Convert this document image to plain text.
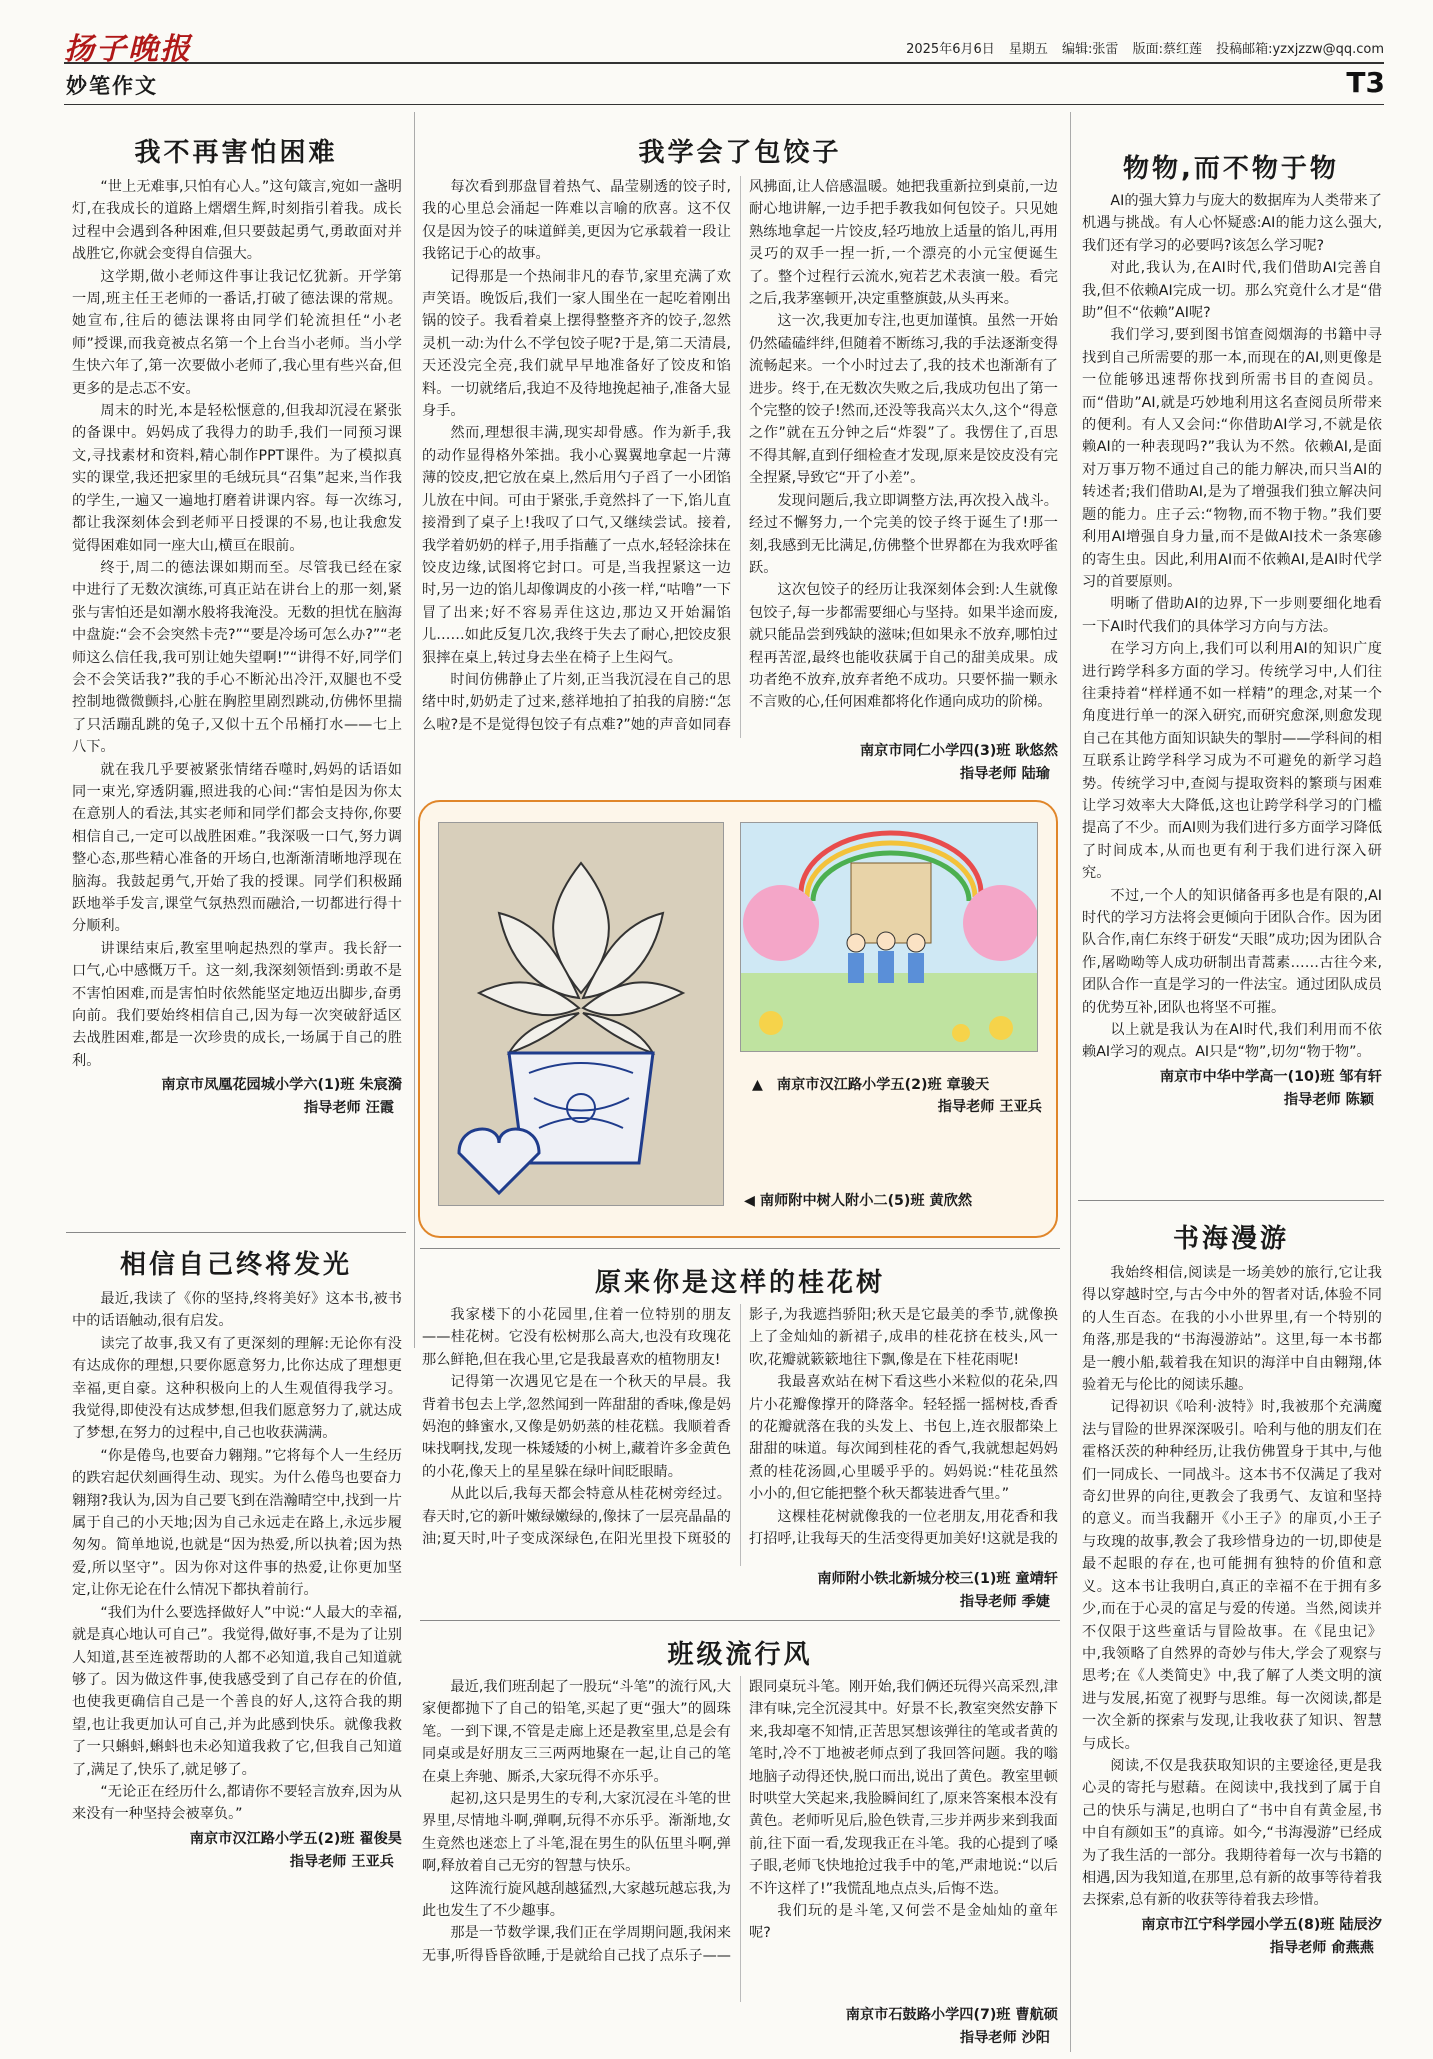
扬子晚报	2025年6月6日 星期五 编辑:张雷 版面:蔡红莲 投稿邮箱:yzxjzzw@qq.com
妙笔作文	T3
我不再害怕困难

“世上无难事,只怕有心人。”这句箴言,宛如一盏明灯,在我成长的道路上熠熠生辉,时刻指引着我。成长过程中会遇到各种困难,但只要鼓起勇气,勇敢面对并战胜它,你就会变得自信强大。

这学期,做小老师这件事让我记忆犹新。开学第一周,班主任王老师的一番话,打破了德法课的常规。她宣布,往后的德法课将由同学们轮流担任“小老师”授课,而我竟被点名第一个上台当小老师。当小学生快六年了,第一次要做小老师了,我心里有些兴奋,但更多的是忐忑不安。

周末的时光,本是轻松惬意的,但我却沉浸在紧张的备课中。妈妈成了我得力的助手,我们一同预习课文,寻找素材和资料,精心制作PPT课件。为了模拟真实的课堂,我还把家里的毛绒玩具“召集”起来,当作我的学生,一遍又一遍地打磨着讲课内容。每一次练习,都让我深刻体会到老师平日授课的不易,也让我愈发觉得困难如同一座大山,横亘在眼前。

终于,周二的德法课如期而至。尽管我已经在家中进行了无数次演练,可真正站在讲台上的那一刻,紧张与害怕还是如潮水般将我淹没。无数的担忧在脑海中盘旋:“会不会突然卡壳?”“要是冷场可怎么办?”“老师这么信任我,我可别让她失望啊!”“讲得不好,同学们会不会笑话我?”我的手心不断沁出冷汗,双腿也不受控制地微微颤抖,心脏在胸腔里剧烈跳动,仿佛怀里揣了只活蹦乱跳的兔子,又似十五个吊桶打水——七上八下。

就在我几乎要被紧张情绪吞噬时,妈妈的话语如同一束光,穿透阴霾,照进我的心间:“害怕是因为你太在意别人的看法,其实老师和同学们都会支持你,你要相信自己,一定可以战胜困难。”我深吸一口气,努力调整心态,那些精心准备的开场白,也渐渐清晰地浮现在脑海。我鼓起勇气,开始了我的授课。同学们积极踊跃地举手发言,课堂气氛热烈而融洽,一切都进行得十分顺利。

讲课结束后,教室里响起热烈的掌声。我长舒一口气,心中感慨万千。这一刻,我深刻领悟到:勇敢不是不害怕困难,而是害怕时依然能坚定地迈出脚步,奋勇向前。我们要始终相信自己,因为每一次突破舒适区去战胜困难,都是一次珍贵的成长,一场属于自己的胜利。

南京市凤凰花园城小学六(1)班 朱宸漪
指导老师 汪霞
相信自己终将发光

最近,我读了《你的坚持,终将美好》这本书,被书中的话语触动,很有启发。

读完了故事,我又有了更深刻的理解:无论你有没有达成你的理想,只要你愿意努力,比你达成了理想更幸福,更自豪。这种积极向上的人生观值得我学习。我觉得,即使没有达成梦想,但我们愿意努力了,就达成了梦想,在努力的过程中,自己也收获满满。

“你是倦鸟,也要奋力翱翔。”它将每个人一生经历的跌宕起伏刻画得生动、现实。为什么倦鸟也要奋力翱翔?我认为,因为自己要飞到在浩瀚晴空中,找到一片属于自己的小天地;因为自己永远走在路上,永远步履匆匆。简单地说,也就是“因为热爱,所以执着;因为热爱,所以坚守”。因为你对这件事的热爱,让你更加坚定,让你无论在什么情况下都执着前行。

“我们为什么要选择做好人”中说:“人最大的幸福,就是真心地认可自己”。我觉得,做好事,不是为了让别人知道,甚至连被帮助的人都不必知道,我自己知道就够了。因为做这件事,使我感受到了自己存在的价值,也使我更确信自己是一个善良的好人,这符合我的期望,也让我更加认可自己,并为此感到快乐。就像我救了一只蝌蚪,蝌蚪也未必知道我救了它,但我自己知道了,满足了,快乐了,就足够了。

“无论正在经历什么,都请你不要轻言放弃,因为从来没有一种坚持会被辜负。”

南京市汉江路小学五(2)班 翟俊昊
指导老师 王亚兵
我学会了包饺子

每次看到那盘冒着热气、晶莹剔透的饺子时,我的心里总会涌起一阵难以言喻的欣喜。这不仅仅是因为饺子的味道鲜美,更因为它承载着一段让我铭记于心的故事。

记得那是一个热闹非凡的春节,家里充满了欢声笑语。晚饭后,我们一家人围坐在一起吃着刚出锅的饺子。我看着桌上摆得整整齐齐的饺子,忽然灵机一动:为什么不学包饺子呢?于是,第二天清晨,天还没完全亮,我们就早早地准备好了饺皮和馅料。一切就绪后,我迫不及待地挽起袖子,准备大显身手。

然而,理想很丰满,现实却骨感。作为新手,我的动作显得格外笨拙。我小心翼翼地拿起一片薄薄的饺皮,把它放在桌上,然后用勺子舀了一小团馅儿放在中间。可由于紧张,手竟然抖了一下,馅儿直接滑到了桌子上!我叹了口气,又继续尝试。接着,我学着奶奶的样子,用手指蘸了一点水,轻轻涂抹在饺皮边缘,试图将它封口。可是,当我捏紧这一边时,另一边的馅儿却像调皮的小孩一样,“咕噜”一下冒了出来;好不容易弄住这边,那边又开始漏馅儿……如此反复几次,我终于失去了耐心,把饺皮狠狠摔在桌上,转过身去坐在椅子上生闷气。

时间仿佛静止了片刻,正当我沉浸在自己的思绪中时,奶奶走了过来,慈祥地拍了拍我的肩膀:“怎么啦?是不是觉得包饺子有点难?”她的声音如同春风拂面,让人倍感温暖。她把我重新拉到桌前,一边耐心地讲解,一边手把手教我如何包饺子。只见她熟练地拿起一片饺皮,轻巧地放上适量的馅儿,再用灵巧的双手一捏一折,一个漂亮的小元宝便诞生了。整个过程行云流水,宛若艺术表演一般。看完之后,我茅塞顿开,决定重整旗鼓,从头再来。

这一次,我更加专注,也更加谨慎。虽然一开始仍然磕磕绊绊,但随着不断练习,我的手法逐渐变得流畅起来。一个小时过去了,我的技术也渐渐有了进步。终于,在无数次失败之后,我成功包出了第一个完整的饺子!然而,还没等我高兴太久,这个“得意之作”就在五分钟之后“炸裂”了。我愣住了,百思不得其解,直到仔细检查才发现,原来是饺皮没有完全捏紧,导致它“开了小差”。

发现问题后,我立即调整方法,再次投入战斗。经过不懈努力,一个完美的饺子终于诞生了!那一刻,我感到无比满足,仿佛整个世界都在为我欢呼雀跃。

这次包饺子的经历让我深刻体会到:人生就像包饺子,每一步都需要细心与坚持。如果半途而废,就只能品尝到残缺的滋味;但如果永不放弃,哪怕过程再苦涩,最终也能收获属于自己的甜美成果。成功者绝不放弃,放弃者绝不成功。只要怀揣一颗永不言败的心,任何困难都将化作通向成功的阶梯。

南京市同仁小学四(3)班 耿悠然
指导老师 陆瑜
▲ 南京市汉江路小学五(2)班 章骏天
指导老师 王亚兵
◀ 南师附中树人附小二(5)班 黄欣然
原来你是这样的桂花树

我家楼下的小花园里,住着一位特别的朋友——桂花树。它没有松树那么高大,也没有玫瑰花那么鲜艳,但在我心里,它是我最喜欢的植物朋友!

记得第一次遇见它是在一个秋天的早晨。我背着书包去上学,忽然闻到一阵甜甜的香味,像是妈妈泡的蜂蜜水,又像是奶奶蒸的桂花糕。我顺着香味找啊找,发现一株矮矮的小树上,藏着许多金黄色的小花,像天上的星星躲在绿叶间眨眼睛。

从此以后,我每天都会特意从桂花树旁经过。春天时,它的新叶嫩绿嫩绿的,像抹了一层亮晶晶的油;夏天时,叶子变成深绿色,在阳光里投下斑驳的影子,为我遮挡骄阳;秋天是它最美的季节,就像换上了金灿灿的新裙子,成串的桂花挤在枝头,风一吹,花瓣就簌簌地往下飘,像是在下桂花雨呢!

我最喜欢站在树下看这些小米粒似的花朵,四片小花瓣像撑开的降落伞。轻轻摇一摇树枝,香香的花瓣就落在我的头发上、书包上,连衣服都染上甜甜的味道。每次闻到桂花的香气,我就想起妈妈煮的桂花汤圆,心里暖乎乎的。妈妈说:“桂花虽然小小的,但它能把整个秋天都装进香气里。”

这棵桂花树就像我的一位老朋友,用花香和我打招呼,让我每天的生活变得更加美好!这就是我的

南师附小铁北新城分校三(1)班 童靖轩
指导老师 季婕
班级流行风

最近,我们班刮起了一股玩“斗笔”的流行风,大家便都抛下了自己的铅笔,买起了更“强大”的圆珠笔。一到下课,不管是走廊上还是教室里,总是会有同桌或是好朋友三三两两地聚在一起,让自己的笔在桌上奔驰、厮杀,大家玩得不亦乐乎。

起初,这只是男生的专利,大家沉浸在斗笔的世界里,尽情地斗啊,弹啊,玩得不亦乐乎。渐渐地,女生竟然也迷恋上了斗笔,混在男生的队伍里斗啊,弹啊,释放着自己无穷的智慧与快乐。

这阵流行旋风越刮越猛烈,大家越玩越忘我,为此也发生了不少趣事。

那是一节数学课,我们正在学周期问题,我闲来无事,听得昏昏欲睡,于是就给自己找了点乐子——跟同桌玩斗笔。刚开始,我们俩还玩得兴高采烈,津津有味,完全沉浸其中。好景不长,教室突然安静下来,我却毫不知情,正苦思冥想该弹往的笔或者黄的笔时,冷不丁地被老师点到了我回答问题。我的嗡地脑子动得还快,脱口而出,说出了黄色。教室里顿时哄堂大笑起来,我脸瞬间红了,原来答案根本没有黄色。老师听见后,脸色铁青,三步并两步来到我面前,往下面一看,发现我正在斗笔。我的心提到了嗓子眼,老师飞快地抢过我手中的笔,严肃地说:“以后不许这样了!”我慌乱地点点头,后悔不迭。

我们玩的是斗笔,又何尝不是金灿灿的童年呢?

南京市石鼓路小学四(7)班 曹航硕
指导老师 沙阳
物物,而不物于物

AI的强大算力与庞大的数据库为人类带来了机遇与挑战。有人心怀疑惑:AI的能力这么强大,我们还有学习的必要吗?该怎么学习呢?

对此,我认为,在AI时代,我们借助AI完善自我,但不依赖AI完成一切。那么究竟什么才是“借助”但不“依赖”AI呢?

我们学习,要到图书馆查阅烟海的书籍中寻找到自己所需要的那一本,而现在的AI,则更像是一位能够迅速帮你找到所需书目的查阅员。而“借助”AI,就是巧妙地利用这名查阅员所带来的便利。有人又会问:“你借助AI学习,不就是依赖AI的一种表现吗?”我认为不然。依赖AI,是面对万事万物不通过自己的能力解决,而只当AI的转述者;我们借助AI,是为了增强我们独立解决问题的能力。庄子云:“物物,而不物于物。”我们要利用AI增强自身力量,而不是做AI技术一条寒碜的寄生虫。因此,利用AI而不依赖AI,是AI时代学习的首要原则。

明晰了借助AI的边界,下一步则要细化地看一下AI时代我们的具体学习方向与方法。

在学习方向上,我们可以利用AI的知识广度进行跨学科多方面的学习。传统学习中,人们往往秉持着“样样通不如一样精”的理念,对某一个角度进行单一的深入研究,而研究愈深,则愈发现自己在其他方面知识缺失的掣肘——学科间的相互联系让跨学科学习成为不可避免的新学习趋势。传统学习中,查阅与提取资料的繁琐与困难让学习效率大大降低,这也让跨学科学习的门槛提高了不少。而AI则为我们进行多方面学习降低了时间成本,从而也更有利于我们进行深入研究。

不过,一个人的知识储备再多也是有限的,AI时代的学习方法将会更倾向于团队合作。因为团队合作,南仁东终于研发“天眼”成功;因为团队合作,屠呦呦等人成功研制出青蒿素……古往今来,团队合作一直是学习的一件法宝。通过团队成员的优势互补,团队也将坚不可摧。

以上就是我认为在AI时代,我们利用而不依赖AI学习的观点。AI只是“物”,切勿“物于物”。

南京市中华中学高一(10)班 邹有轩
指导老师 陈颖
书海漫游

我始终相信,阅读是一场美妙的旅行,它让我得以穿越时空,与古今中外的智者对话,体验不同的人生百态。在我的小小世界里,有一个特别的角落,那是我的“书海漫游站”。这里,每一本书都是一艘小船,载着我在知识的海洋中自由翱翔,体验着无与伦比的阅读乐趣。

记得初识《哈利·波特》时,我被那个充满魔法与冒险的世界深深吸引。哈利与他的朋友们在霍格沃茨的种种经历,让我仿佛置身于其中,与他们一同成长、一同战斗。这本书不仅满足了我对奇幻世界的向往,更教会了我勇气、友谊和坚持的意义。而当我翻开《小王子》的扉页,小王子与玫瑰的故事,教会了我珍惜身边的一切,即使是最不起眼的存在,也可能拥有独特的价值和意义。这本书让我明白,真正的幸福不在于拥有多少,而在于心灵的富足与爱的传递。当然,阅读并不仅限于这些童话与冒险故事。在《昆虫记》中,我领略了自然界的奇妙与伟大,学会了观察与思考;在《人类简史》中,我了解了人类文明的演进与发展,拓宽了视野与思维。每一次阅读,都是一次全新的探索与发现,让我收获了知识、智慧与成长。

阅读,不仅是我获取知识的主要途径,更是我心灵的寄托与慰藉。在阅读中,我找到了属于自己的快乐与满足,也明白了“书中自有黄金屋,书中自有颜如玉”的真谛。如今,“书海漫游”已经成为了我生活的一部分。我期待着每一次与书籍的相遇,因为我知道,在那里,总有新的故事等待着我去探索,总有新的收获等待着我去珍惜。

南京市江宁科学园小学五(8)班 陆辰汐
指导老师 俞燕燕
